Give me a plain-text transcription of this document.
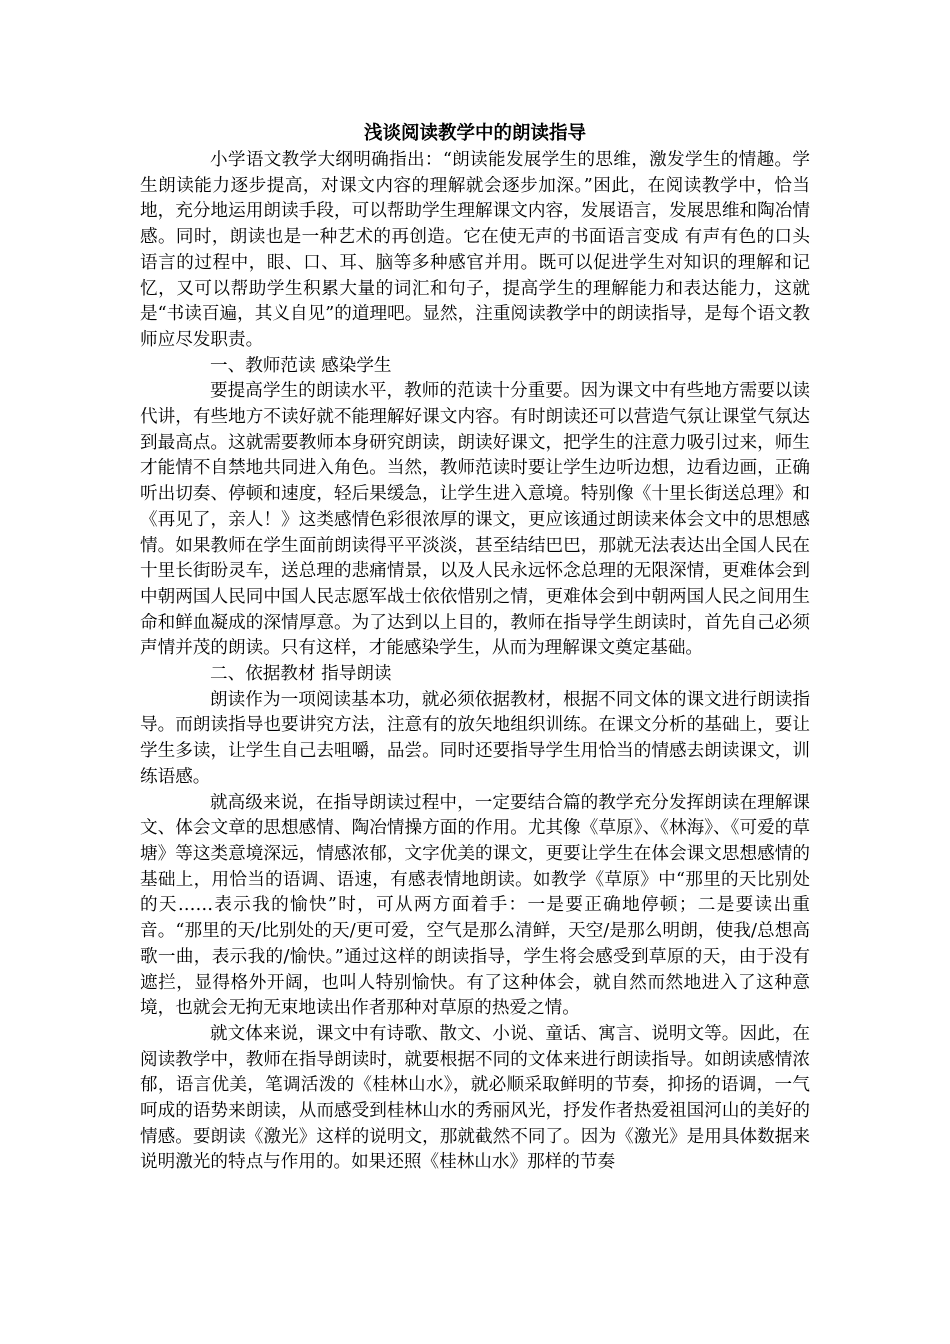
浅谈阅读教学中的朗读指导

小学语文教学大纲明确指出：“朗读能发展学生的思维，激发学生的情趣。学生朗读能力逐步提高，对课文内容的理解就会逐步加深。”困此，在阅读教学中，恰当地，充分地运用朗读手段，可以帮助学生理解课文内容，发展语言，发展思维和陶冶情感。同时，朗读也是一种艺术的再创造。它在使无声的书面语言变成 有声有色的口头语言的过程中，眼、口、耳、脑等多种感官并用。既可以促进学生对知识的理解和记忆，又可以帮助学生积累大量的词汇和句子，提高学生的理解能力和表达能力，这就是“书读百遍，其义自见”的道理吧。显然，注重阅读教学中的朗读指导，是每个语文教师应尽发职责。

一、教师范读 感染学生

要提高学生的朗读水平，教师的范读十分重要。因为课文中有些地方需要以读代讲，有些地方不读好就不能理解好课文内容。有时朗读还可以营造气氛让课堂气氛达到最高点。这就需要教师本身研究朗读，朗读好课文，把学生的注意力吸引过来，师生才能情不自禁地共同进入角色。当然，教师范读时要让学生边听边想，边看边画，正确听出切奏、停顿和速度，轻后果缓急，让学生进入意境。特别像《十里长街送总理》和《再见了，亲人！》这类感情色彩很浓厚的课文，更应该通过朗读来体会文中的思想感情。如果教师在学生面前朗读得平平淡淡，甚至结结巴巴，那就无法表达出全国人民在十里长街盼灵车，送总理的悲痛情景，以及人民永远怀念总理的无限深情，更难体会到中朝两国人民同中国人民志愿军战士依依惜别之情，更难体会到中朝两国人民之间用生命和鲜血凝成的深情厚意。为了达到以上目的，教师在指导学生朗读时，首先自己必须声情并茂的朗读。只有这样，才能感染学生，从而为理解课文奠定基础。

二、依据教材 指导朗读

朗读作为一项阅读基本功，就必须依据教材，根据不同文体的课文进行朗读指导。而朗读指导也要讲究方法，注意有的放矢地组织训练。在课文分析的基础上，要让学生多读，让学生自己去咀嚼，品尝。同时还要指导学生用恰当的情感去朗读课文，训练语感。

就高级来说，在指导朗读过程中，一定要结合篇的教学充分发挥朗读在理解课文、体会文章的思想感情、陶冶情操方面的作用。尤其像《草原》、《林海》、《可爱的草塘》等这类意境深远，情感浓郁，文字优美的课文，更要让学生在体会课文思想感情的基础上，用恰当的语调、语速，有感表情地朗读。如教学《草原》中“那里的天比别处的天……表示我的愉快”时，可从两方面着手：一是要正确地停顿；二是要读出重音。“那里的天/比别处的天/更可爱，空气是那么清鲜，天空/是那么明朗，使我/总想高歌一曲，表示我的/愉快。”通过这样的朗读指导，学生将会感受到草原的天，由于没有遮拦，显得格外开阔，也叫人特别愉快。有了这种体会，就自然而然地进入了这种意境，也就会无拘无束地读出作者那种对草原的热爱之情。

就文体来说，课文中有诗歌、散文、小说、童话、寓言、说明文等。因此，在阅读教学中，教师在指导朗读时，就要根据不同的文体来进行朗读指导。如朗读感情浓郁，语言优美，笔调活泼的《桂林山水》，就必顺采取鲜明的节奏，抑扬的语调，一气呵成的语势来朗读，从而感受到桂林山水的秀丽风光，抒发作者热爱祖国河山的美好的情感。要朗读《激光》这样的说明文，那就截然不同了。因为《激光》是用具体数据来说明激光的特点与作用的。如果还照《桂林山水》那样的节奏
